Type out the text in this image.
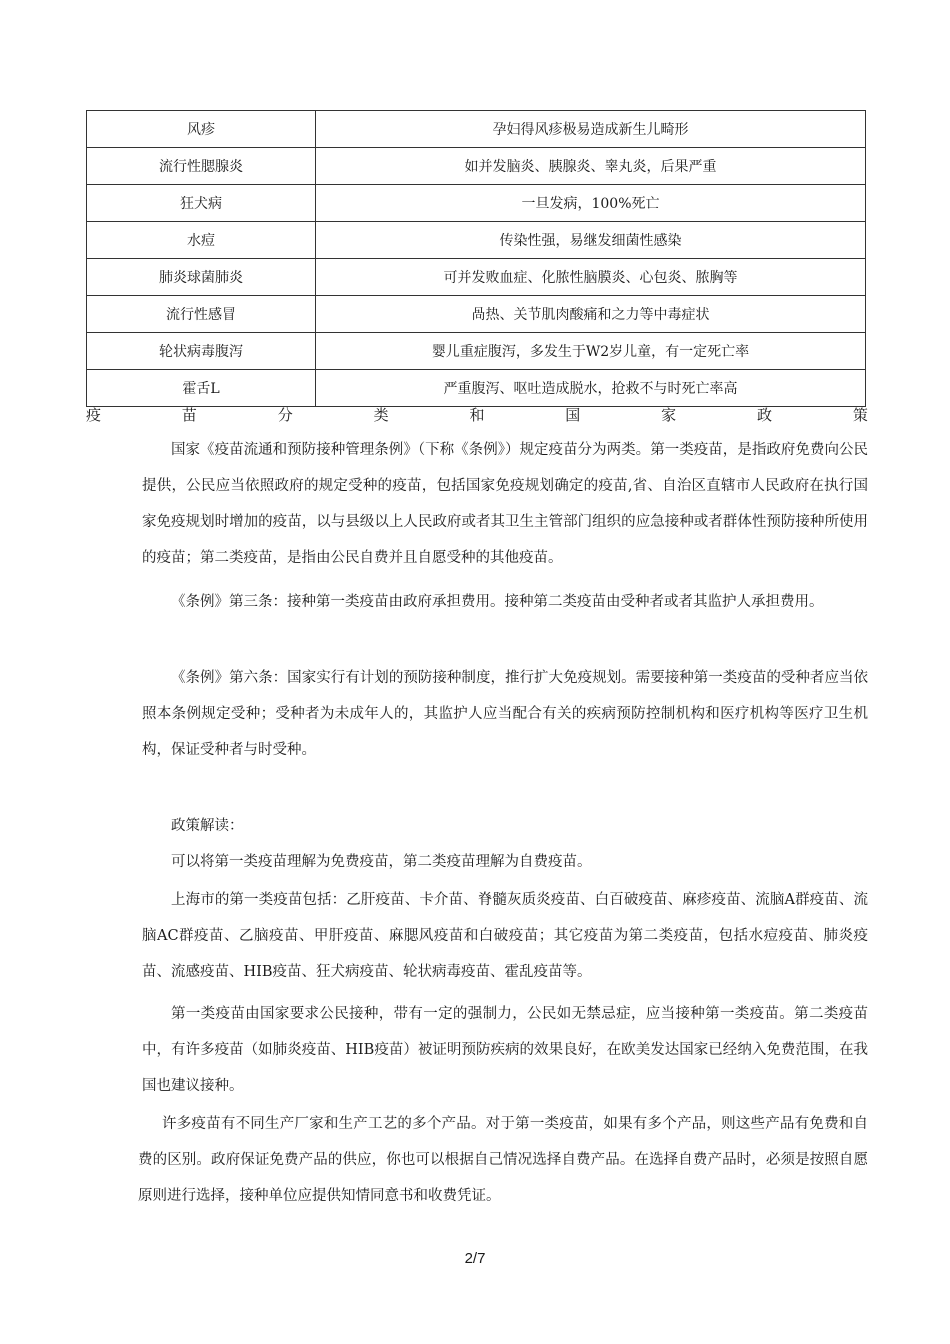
风疹	孕妇得风疹极易造成新生儿畸形
流行性腮腺炎	如并发脑炎、胰腺炎、睾丸炎，后果严重
狂犬病	一旦发病，100%死亡
水痘	传染性强，易继发细菌性感染
肺炎球菌肺炎	可并发败血症、化脓性脑膜炎、心包炎、脓胸等
流行性感冒	咼热、关节肌肉酸痛和之力等中毒症状
轮状病毒腹泻	婴儿重症腹泻，多发生于W2岁儿童，有一定死亡率
霍舌L	严重腹泻、呕吐造成脱水，抢救不与时死亡率高
疫	苗	分	类	和	国	家	政	策

国家《疫苗流通和预防接种管理条例》（下称《条例》）规定疫苗分为两类。第一类疫苗，是指政府免费向公民提供，公民应当依照政府的规定受种的疫苗，包括国家免疫规划确定的疫苗,省、自治区直辖市人民政府在执行国家免疫规划时增加的疫苗，以与县级以上人民政府或者其卫生主管部门组织的应急接种或者群体性预防接种所使用的疫苗；第二类疫苗，是指由公民自费并且自愿受种的其他疫苗。

《条例》第三条：接种第一类疫苗由政府承担费用。接种第二类疫苗由受种者或者其监护人承担费用。

《条例》第六条：国家实行有计划的预防接种制度，推行扩大免疫规划。需要接种第一类疫苗的受种者应当依照本条例规定受种；受种者为未成年人的，其监护人应当配合有关的疾病预防控制机构和医疗机构等医疗卫生机构，保证受种者与时受种。

政策解读：

可以将第一类疫苗理解为免费疫苗，第二类疫苗理解为自费疫苗。

上海市的第一类疫苗包括：乙肝疫苗、卡介苗、脊髓灰质炎疫苗、白百破疫苗、麻疹疫苗、流脑A群疫苗、流脑AC群疫苗、乙脑疫苗、甲肝疫苗、麻腮风疫苗和白破疫苗；其它疫苗为第二类疫苗，包括水痘疫苗、肺炎疫苗、流感疫苗、HIB疫苗、狂犬病疫苗、轮状病毒疫苗、霍乱疫苗等。

第一类疫苗由国家要求公民接种，带有一定的强制力，公民如无禁忌症，应当接种第一类疫苗。第二类疫苗中，有许多疫苗（如肺炎疫苗、HIB疫苗）被证明预防疾病的效果良好，在欧美发达国家已经纳入免费范围，在我国也建议接种。

许多疫苗有不同生产厂家和生产工艺的多个产品。对于第一类疫苗，如果有多个产品，则这些产品有免费和自费的区别。政府保证免费产品的供应，你也可以根据自己情况选择自费产品。在选择自费产品时，必须是按照自愿原则进行选择，接种单位应提供知情同意书和收费凭证。

2/7
